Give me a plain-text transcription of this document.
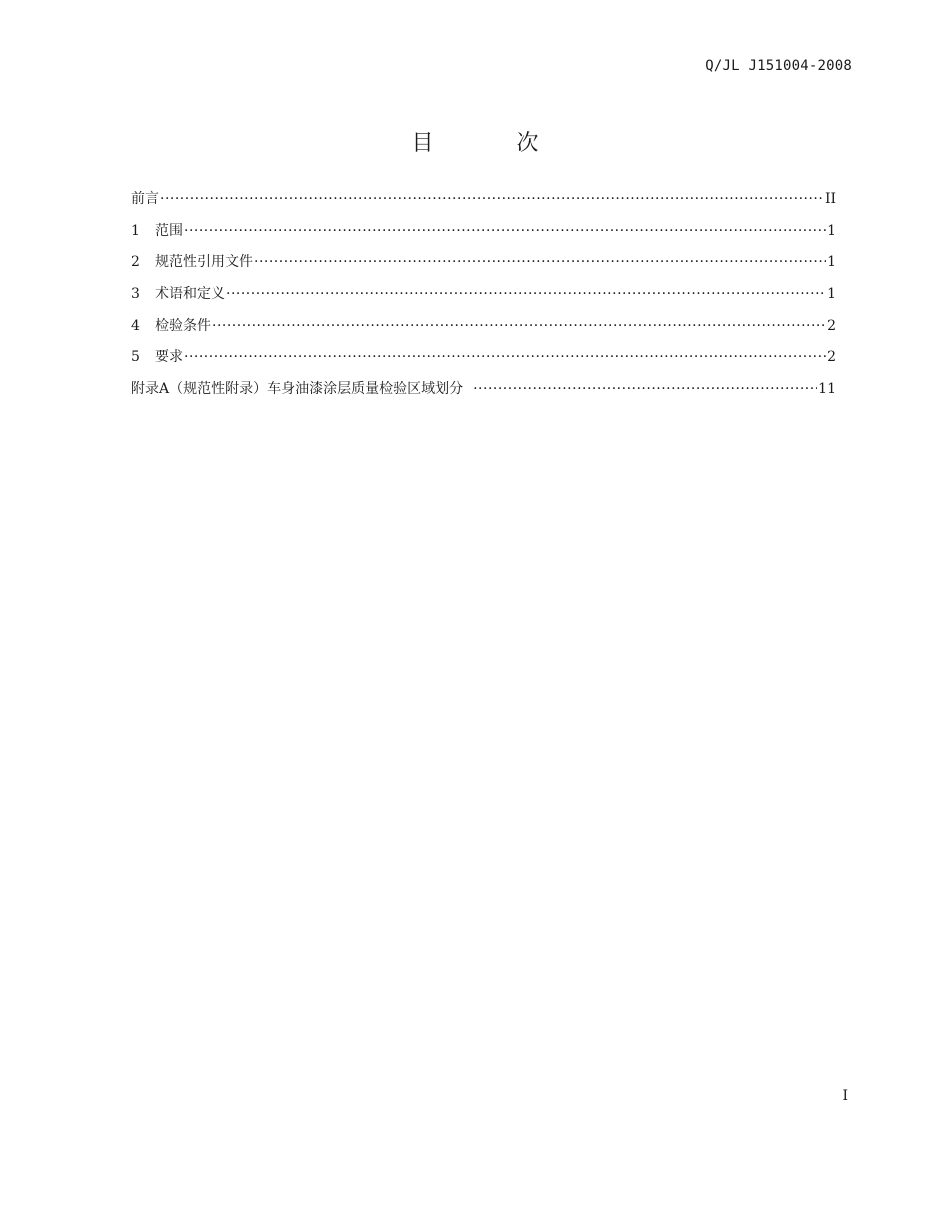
Q/JL J151004-2008
目 次
前言 ·····	II
1	范围 ·····	1
2	规范性引用文件 ·····	1
3	术语和定义 ·····	1
4	检验条件 ·····	2
5	要求 ·····	2
附录A（规范性附录）车身油漆涂层质量检验区域划分 ·····	11
I
